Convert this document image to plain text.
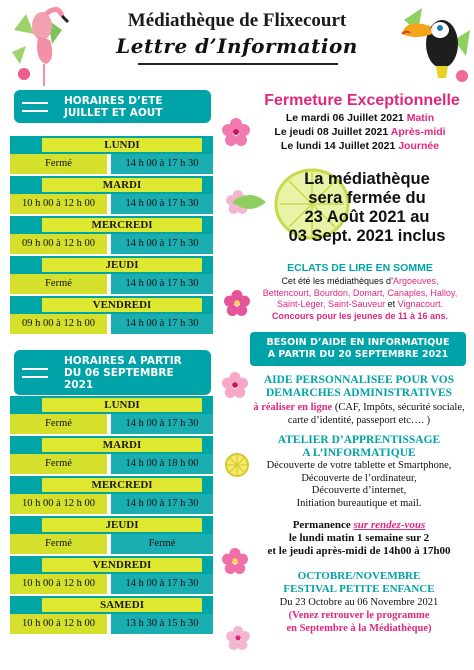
Médiathèque de Flixecourt
Lettre d’Information
HORAIRES D’ETE
JUILLET ET AOUT
LUNDI
Fermé	14 h 00 à 17 h 30
MARDI
10 h 00 à 12 h 00	14 h 00 à 17 h 30
MERCREDI
09 h 00 à 12 h 00	14 h 00 à 17 h 30
JEUDI
Fermé	14 h 00 à 17 h 30
VENDREDI
09 h 00 à 12 h 00	14 h 00 à 17 h 30
HORAIRES A PARTIR
DU 06 SEPTEMBRE 2021
LUNDI
Fermé	14 h 00 à 17 h 30
MARDI
Fermé	14 h 00 à 18 h 00
MERCREDI
10 h 00 à 12 h 00	14 h 00 à 17 h 30
JEUDI
Fermé	Fermé
VENDREDI
10 h 00 à 12 h 00	14 h 00 à 17 h 30
SAMEDI
10 h 00 à 12 h 00	13 h 30 à 15 h 30
Fermeture Exceptionnelle
Le mardi 06 Juillet 2021 Matin
Le jeudi 08 Juillet 2021 Après-midi
Le lundi 14 Juillet 2021 Journée
La médiathèque
sera fermée du
23 Août 2021 au
03 Sept. 2021 inclus
ECLATS DE LIRE EN SOMME
Cet été les médiathèques d’Argoeuves,
Bettencourt, Bourdon, Domart, Canaples, Halloy,
Saint-Léger, Saint-Sauveur et Vignacourt.
Concours pour les jeunes de 11 à 16 ans.
BESOIN D’AIDE EN INFORMATIQUE
A PARTIR DU 20 SEPTEMBRE 2021
AIDE PERSONNALISEE POUR VOS
DEMARCHES ADMINISTRATIVES
à réaliser en ligne (CAF, Impôts, sécurité sociale, carte d’identité, passeport etc…. )
ATELIER D’APPRENTISSAGE
A L’INFORMATIQUE
Découverte de votre tablette et Smartphone,
Découverte de l’ordinateur,
Découverte d’internet,
Initiation bureautique et mail.
Permanence sur rendez-vous
le lundi matin 1 semaine sur 2
et le jeudi après-midi de 14h00 à 17h00
OCTOBRE/NOVEMBRE
FESTIVAL PETITE ENFANCE
Du 23 Octobre au 06 Novembre 2021
(Venez retrouver le programme
en Septembre à la Médiathèque)
